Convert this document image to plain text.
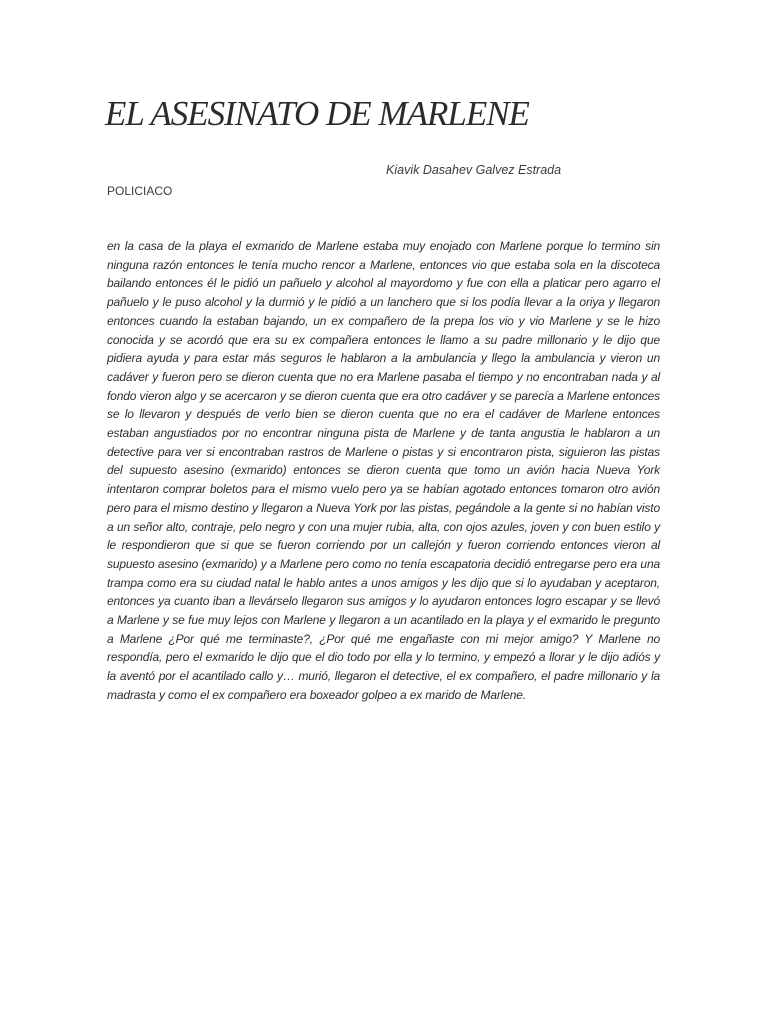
EL ASESINATO DE MARLENE

Kiavik Dasahev Galvez Estrada

POLICIACO

en la casa de la playa el exmarido de Marlene estaba muy enojado con Marlene porque lo termino sin ninguna razón entonces le tenía mucho rencor a Marlene, entonces vio que estaba sola en la discoteca bailando entonces él le pidió un pañuelo y alcohol al mayordomo y fue con ella a platicar pero agarro el pañuelo y le puso alcohol y la durmió y le pidió a un lanchero que si los podía llevar a la oriya y llegaron entonces cuando la estaban bajando, un ex compañero de la prepa los vio y vio Marlene y se le hizo conocida y se acordó que era su ex compañera entonces le llamo a su padre millonario y le dijo que pidiera ayuda y para estar más seguros le hablaron a la ambulancia y llego la ambulancia y vieron un cadáver y fueron pero se dieron cuenta que no era Marlene pasaba el tiempo y no encontraban nada y al fondo vieron algo y se acercaron y se dieron cuenta que era otro cadáver y se parecía a Marlene entonces se lo llevaron y después de verlo bien se dieron cuenta que no era el cadáver de Marlene entonces estaban angustiados por no encontrar ninguna pista de Marlene y de tanta angustia le hablaron a un detective para ver si encontraban rastros de Marlene o pistas y si encontraron pista, siguieron las pistas del supuesto asesino (exmarido) entonces se dieron cuenta que tomo un avión hacia Nueva York intentaron comprar boletos para el mismo vuelo pero ya se habían agotado entonces tomaron otro avión pero para el mismo destino y llegaron a Nueva York por las pistas, pegándole a la gente si no habían visto a un señor alto, contraje, pelo negro y con una mujer rubia, alta, con ojos azules, joven y con buen estilo y le respondieron que si que se fueron corriendo por un callejón y fueron corriendo entonces vieron al supuesto asesino (exmarido) y a Marlene pero como no tenía escapatoria decidió entregarse pero era una trampa como era su ciudad natal le hablo antes a unos amigos y les dijo que si lo ayudaban y aceptaron, entonces ya cuanto iban a llevárselo llegaron sus amigos y lo ayudaron entonces logro escapar y se llevó a Marlene y se fue muy lejos con Marlene y llegaron a un acantilado en la playa y el exmarido le pregunto a Marlene ¿Por qué me terminaste?, ¿Por qué me engañaste con mi mejor amigo? Y Marlene no respondía, pero el exmarido le dijo que el dio todo por ella y lo termino, y empezó a llorar y le dijo adiós y la aventó por el acantilado callo y… murió, llegaron el detective, el ex compañero, el padre millonario y la madrasta y como el ex compañero era boxeador golpeo a ex marido de Marlene.
